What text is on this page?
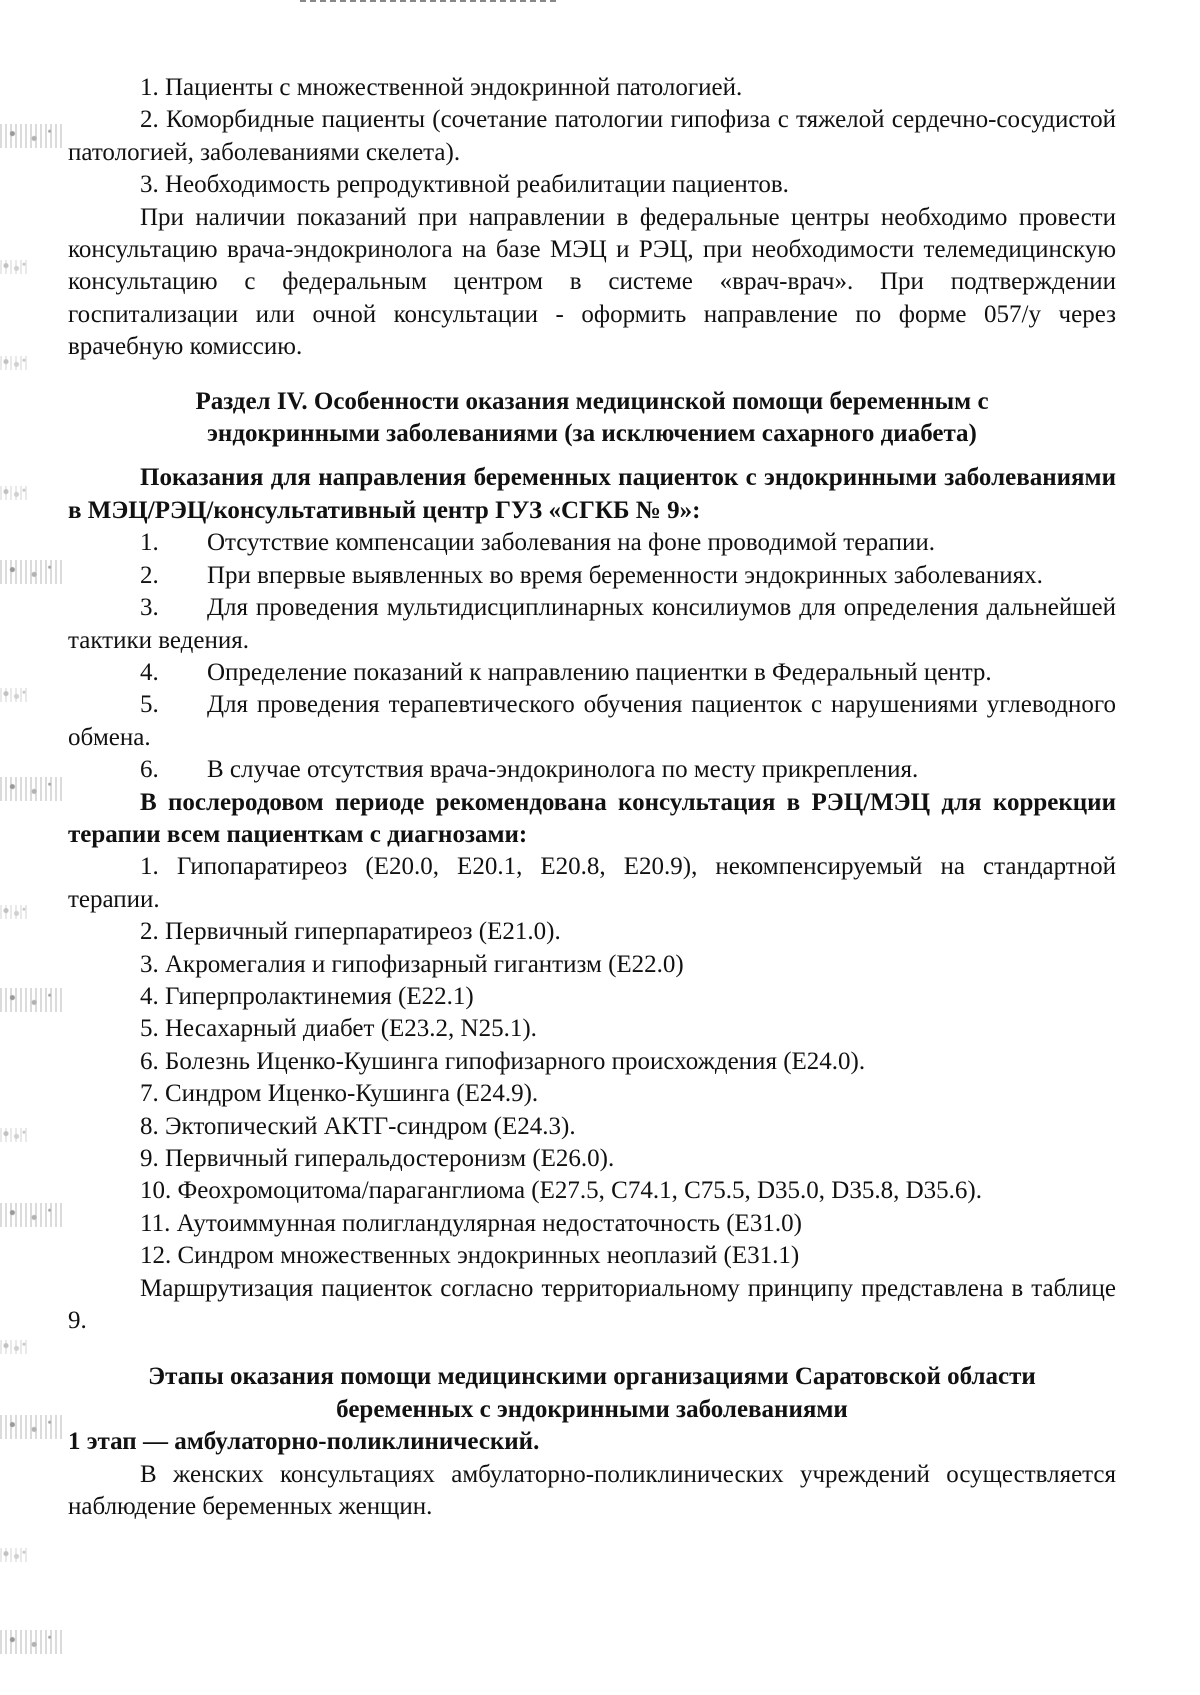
1. Пациенты с множественной эндокринной патологией.

2. Коморбидные пациенты (сочетание патологии гипофиза с тяжелой сердечно-сосудистой патологией, заболеваниями скелета).

3. Необходимость репродуктивной реабилитации пациентов.

При наличии показаний при направлении в федеральные центры необходимо провести консультацию врача-эндокринолога на базе МЭЦ и РЭЦ, при необходимости телемедицинскую консультацию с федеральным центром в системе «врач-врач». При подтверждении госпитализации или очной консультации - оформить направление по форме 057/у через врачебную комиссию.

Раздел IV. Особенности оказания медицинской помощи беременным с
эндокринными заболеваниями (за исключением сахарного диабета)

Показания для направления беременных пациенток с эндокринными заболеваниями в МЭЦ/РЭЦ/консультативный центр ГУЗ «СГКБ № 9»:

1. Отсутствие компенсации заболевания на фоне проводимой терапии.

2. При впервые выявленных во время беременности эндокринных заболеваниях.

3. Для проведения мультидисциплинарных консилиумов для определения дальнейшей тактики ведения.

4. Определение показаний к направлению пациентки в Федеральный центр.

5. Для проведения терапевтического обучения пациенток с нарушениями углеводного обмена.

6. В случае отсутствия врача-эндокринолога по месту прикрепления.

В послеродовом периоде рекомендована консультация в РЭЦ/МЭЦ для коррекции терапии всем пациенткам с диагнозами:

1. Гипопаратиреоз (E20.0, E20.1, E20.8, E20.9), некомпенсируемый на стандартной терапии.

2. Первичный гиперпаратиреоз (E21.0).

3. Акромегалия и гипофизарный гигантизм (E22.0)

4. Гиперпролактинемия (E22.1)

5. Несахарный диабет (E23.2, N25.1).

6. Болезнь Иценко-Кушинга гипофизарного происхождения (E24.0).

7. Синдром Иценко-Кушинга (E24.9).

8. Эктопический АКТГ-синдром (E24.3).

9. Первичный гиперальдостеронизм (E26.0).

10. Феохромоцитома/параганглиома (E27.5, C74.1, C75.5, D35.0, D35.8, D35.6).

11. Аутоиммунная полигландулярная недостаточность (E31.0)

12. Синдром множественных эндокринных неоплазий (E31.1)

Маршрутизация пациенток согласно территориальному принципу представлена в таблице 9.

Этапы оказания помощи медицинскими организациями Саратовской области
беременных с эндокринными заболеваниями

1 этап — амбулаторно-поликлинический.

В женских консультациях амбулаторно-поликлинических учреждений осуществляется наблюдение беременных женщин.
